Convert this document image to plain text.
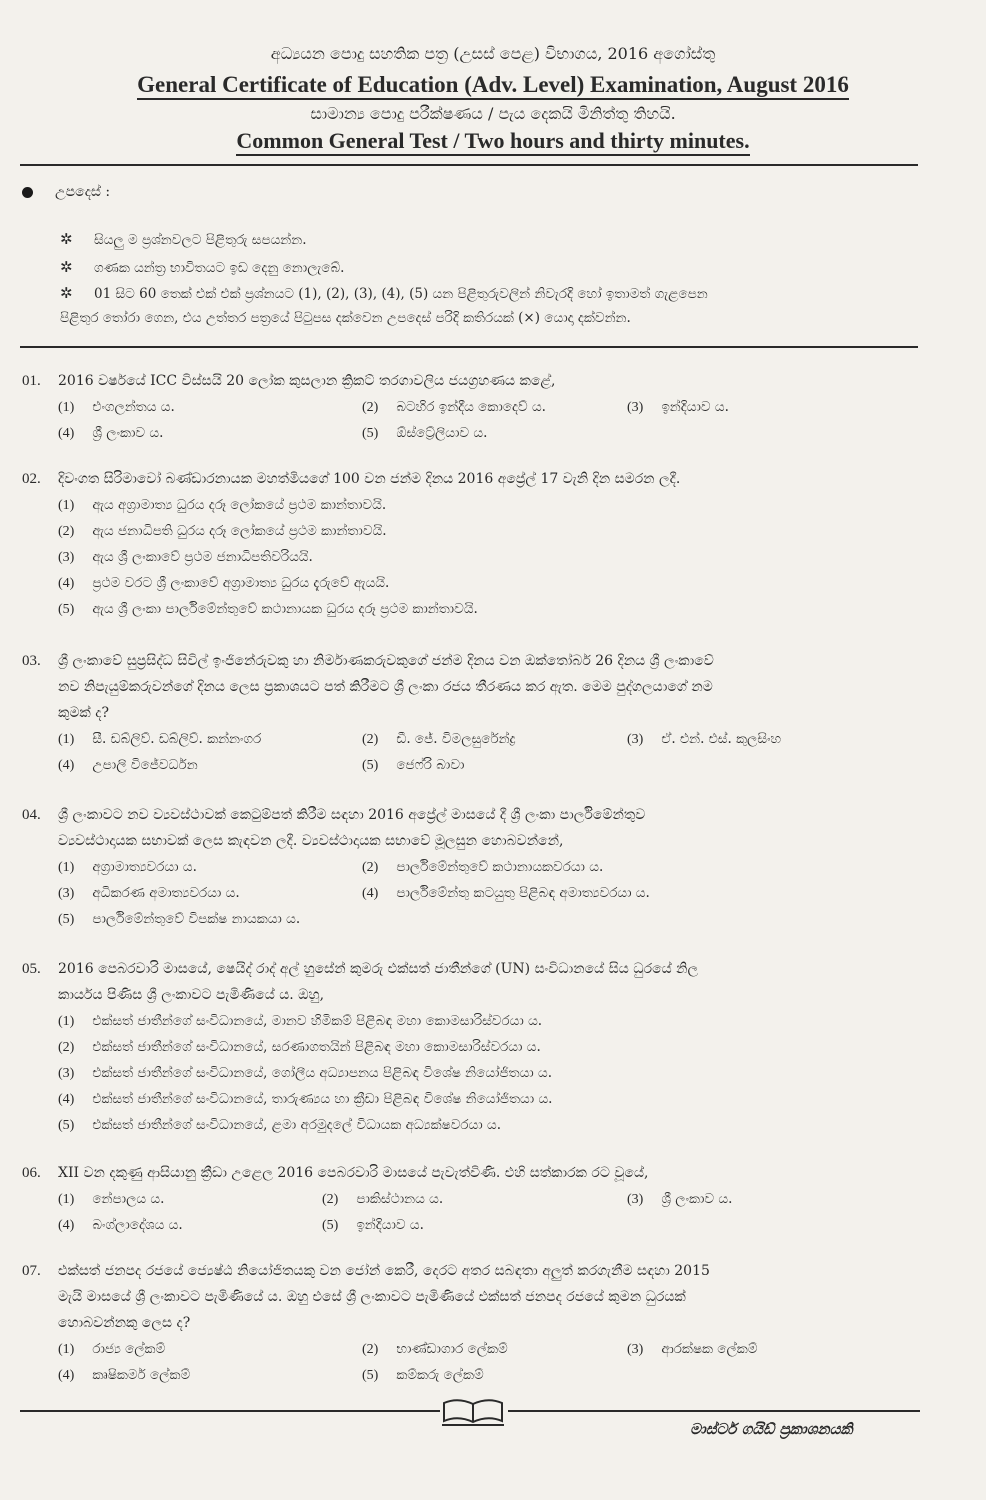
අධ්‍යයන පොදු සහතික පත්‍ර (උසස් පෙළ) විභාගය, 2016 අගෝස්තු
General Certificate of Education (Adv. Level) Examination, August 2016
සාමාන්‍ය පොදු පරීක්ෂණය / පැය දෙකයි මිනිත්තු තිහයි.
Common General Test / Two hours and thirty minutes.
උපදෙස් :
✲ සියලු ම ප්‍රශ්නවලට පිළිතුරු සපයන්න.
✲ ගණක යන්ත්‍ර භාවිතයට ඉඩ දෙනු නොලැබේ.
✲ 01 සිට 60 තෙක් එක් එක් ප්‍රශ්නයට (1), (2), (3), (4), (5) යන පිළිතුරුවලින් නිවැරදි හෝ ඉතාමත් ගැළපෙන
පිළිතුර තෝරා ගෙන, එය උත්තර පත්‍රයේ පිටුපස දක්වෙන උපදෙස් පරිදි කතිරයක් (×) යොදා දක්වන්න.
01.	2016 වර්ෂයේ ICC විස්සයි 20 ලෝක කුසලාන ක්‍රිකට් තරගාවලිය ජයග්‍රහණය කළේ,
(1) එංගලන්තය ය.	(2) බටහිර ඉන්දීය කොදෙව් ය.	(3) ඉන්දියාව ය.
(4) ශ්‍රී ලංකාව ය.	(5) ඕස්ට්‍රේලියාව ය.
02.	දිවංගත සිරිමාවෝ බණ්ඩාරනායක මහත්මියගේ 100 වන ජන්ම දිනය 2016 අප්‍රේල් 17 වැනි දින සමරන ලදී.
(1) ඇය අග්‍රාමාත්‍ය ධුරය දරූ ලෝකයේ ප්‍රථම කාන්තාවයි.
(2) ඇය ජනාධිපති ධුරය දරූ ලෝකයේ ප්‍රථම කාන්තාවයි.
(3) ඇය ශ්‍රී ලංකාවේ ප්‍රථම ජනාධිපතිවරියයි.
(4) ප්‍රථම වරට ශ්‍රී ලංකාවේ අග්‍රාමාත්‍ය ධුරය දැරුවේ ඇයයි.
(5) ඇය ශ්‍රී ලංකා පාර්ලිමේන්තුවේ කථානායක ධුරය දරූ ප්‍රථම කාන්තාවයි.
03.	ශ්‍රී ලංකාවේ සුප්‍රසිද්ධ සිවිල් ඉංජිනේරුවකු හා නිර්මාණකරුවකුගේ ජන්ම දිනය වන ඔක්තෝබර් 26 දිනය ශ්‍රී ලංකාවේ
නව නිපැයුම්කරුවන්ගේ දිනය ලෙස ප්‍රකාශයට පත් කිරීමට ශ්‍රී ලංකා රජය තීරණය කර ඇත. මෙම පුද්ගලයාගේ නම
කුමක් ද?
(1) සී. ඩබ්ලිව්. ඩබ්ලිව්. කන්නංගර	(2) ඩී. ජේ. විමලසුරේන්ද්‍ර	(3) ඒ. එන්. එස්. කුලසිංහ
(4) උපාලි විජේවර්ධන	(5) ජෙෆ්රි බාවා
04.	ශ්‍රී ලංකාවට නව ව්‍යවස්ථාවක් කෙටුම්පත් කිරීම සඳහා 2016 අප්‍රේල් මාසයේ දී ශ්‍රී ලංකා පාර්ලිමේන්තුව
ව්‍යවස්ථාදායක සභාවක් ලෙස කැඳවන ලදී. ව්‍යවස්ථාදායක සභාවේ මූලසුන හොබවන්නේ,
(1) අග්‍රාමාත්‍යවරයා ය.	(2) පාර්ලිමේන්තුවේ කථානායකවරයා ය.
(3) අධිකරණ අමාත්‍යවරයා ය.	(4) පාර්ලිමේන්තු කටයුතු පිළිබඳ අමාත්‍යවරයා ය.
(5) පාර්ලිමේන්තුවේ විපක්ෂ නායකයා ය.
05.	2016 පෙබරවාරි මාසයේ, ෂෙයිද් රාද් අල් හුසේන් කුමරු එක්සත් ජාතීන්ගේ (UN) සංවිධානයේ සිය ධුරයේ නිල
කාර්යය පිණිස ශ්‍රී ලංකාවට පැමිණියේ ය. ඔහු,
(1) එක්සත් ජාතීන්ගේ සංවිධානයේ, මානව හිමිකම් පිළිබඳ මහා කොමසාරිස්වරයා ය.
(2) එක්සත් ජාතීන්ගේ සංවිධානයේ, සරණාගතයින් පිළිබඳ මහා කොමසාරිස්වරයා ය.
(3) එක්සත් ජාතීන්ගේ සංවිධානයේ, ගෝලීය අධ්‍යාපනය පිළිබඳ විශේෂ නියෝජිතයා ය.
(4) එක්සත් ජාතීන්ගේ සංවිධානයේ, තාරුණ්‍යය හා ක්‍රීඩා පිළිබඳ විශේෂ නියෝජිතයා ය.
(5) එක්සත් ජාතීන්ගේ සංවිධානයේ, ළමා අරමුදලේ විධායක අධ්‍යක්ෂවරයා ය.
06.	XII වන දකුණු ආසියානු ක්‍රීඩා උළෙල 2016 පෙබරවාරි මාසයේ පැවැත්විණි. එහි සත්කාරක රට වූයේ,
(1) නේපාලය ය.	(2) පාකිස්ථානය ය.	(3) ශ්‍රී ලංකාව ය.
(4) බංග්ලාදේශය ය.	(5) ඉන්දියාව ය.
07.	එක්සත් ජනපද රජයේ ජ්‍යෙෂ්ඨ නියෝජිතයකු වන ජෝන් කෙරී, දෙරට අතර සබඳතා අලුත් කරගැනීම සඳහා 2015
මැයි මාසයේ ශ්‍රී ලංකාවට පැමිණියේ ය. ඔහු එසේ ශ්‍රී ලංකාවට පැමිණියේ එක්සත් ජනපද රජයේ කුමන ධුරයක්
හොබවන්නකු ලෙස ද?
(1) රාජ්‍ය ලේකම්	(2) භාණ්ඩාගාර ලේකම්	(3) ආරක්ෂක ලේකම්
(4) කෘෂිකර්ම ලේකම්	(5) කම්කරු ලේකම්
මාස්ටර් ගයිඩ් ප්‍රකාශනයකි
